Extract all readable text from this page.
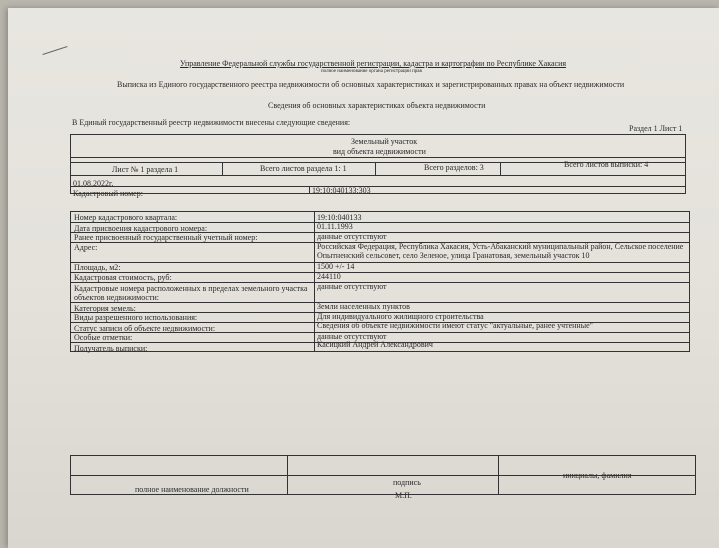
Управление Федеральной службы государственной регистрации, кадастра и картографии по Республике Хакасия
полное наименование органа регистрации прав
Выписка из Единого государственного реестра недвижимости об основных характеристиках и зарегистрированных правах на объект недвижимости
Сведения об основных характеристиках объекта недвижимости
В Единый государственный реестр недвижимости внесены следующие сведения:
Раздел 1 Лист 1
Земельный участок
вид объекта недвижимости
Лист № 1 раздела 1	Всего листов раздела 1: 1	Всего разделов: 3	Всего листов выписки: 4
01.08.2022г.
Кадастровый номер:	19:10:040133:303
Номер кадастрового квартала:	19:10:040133
Дата присвоения кадастрового номера:	01.11.1993
Ранее присвоенный государственный учетный номер:	данные отсутствуют
Адрес:	Российская Федерация, Республика Хакасия, Усть-Абаканский муниципальный район, Сельское поселение Опытненский сельсовет, село Зеленое, улица Гранатовая, земельный участок 10
Площадь, м2:	1500 +/- 14
Кадастровая стоимость, руб:	244110
Кадастровые номера расположенных в пределах земельного участка объектов недвижимости:
данные отсутствуют
Категория земель:	Земли населенных пунктов
Виды разрешенного использования:	Для индивидуального жилищного строительства
Статус записи об объекте недвижимости:	Сведения об объекте недвижимости имеют статус "актуальные, ранее учтенные"
Особые отметки:	данные отсутствуют
Получатель выписки:	Касицкий Андрей Александрович
полное наименование должности
подпись
инициалы, фамилия
М.П.
